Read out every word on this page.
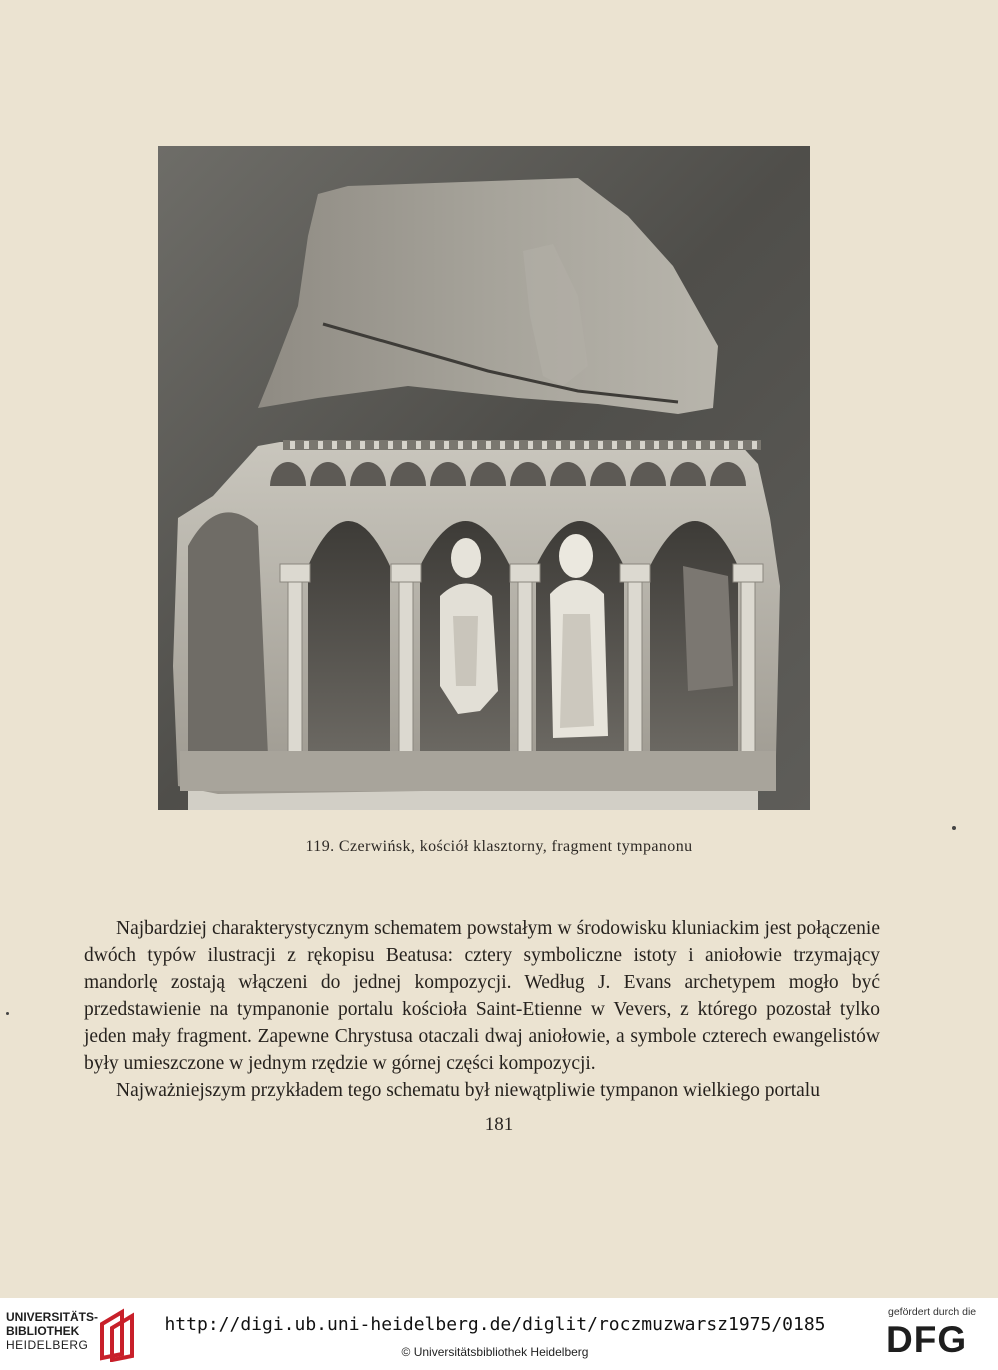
119. Czerwińsk, kościół klasztorny, fragment tympanonu

Najbardziej charakterystycznym schematem powstałym w środowisku kluniackim jest połączenie dwóch typów ilustracji z rękopisu Beatusa: cztery symboliczne istoty i aniołowie trzymający mandorlę zostają włączeni do jednej kompozycji. Według J. Evans archetypem mogło być przedstawienie na tympanonie portalu kościoła Saint-Etienne w Vevers, z którego pozostał tylko jeden mały fragment. Zapewne Chrystusa otaczali dwaj aniołowie, a symbole czterech ewangelistów były umieszczone w jednym rzędzie w górnej części kompozycji.

Najważniejszym przykładem tego schematu był niewątpliwie tympanon wielkiego portalu

181
UNIVERSITÄTS-
BIBLIOTHEK
HEIDELBERG
http://digi.ub.uni-heidelberg.de/diglit/roczmuzwarsz1975/0185
© Universitätsbibliothek Heidelberg
gefördert durch die
DFG
